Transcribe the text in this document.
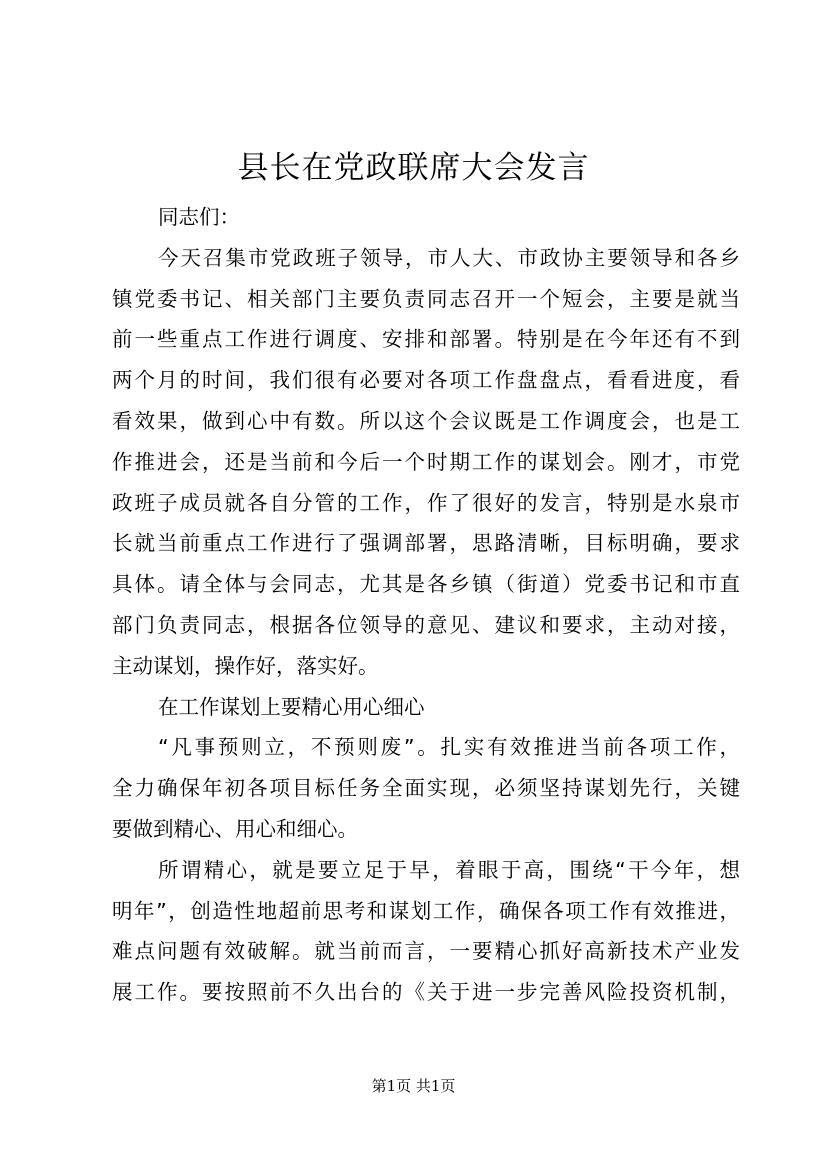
县长在党政联席大会发言
同志们：
今天召集市党政班子领导，市人大、市政协主要领导和各乡
镇党委书记、相关部门主要负责同志召开一个短会，主要是就当
前一些重点工作进行调度、安排和部署。特别是在今年还有不到
两个月的时间，我们很有必要对各项工作盘盘点，看看进度，看
看效果，做到心中有数。所以这个会议既是工作调度会，也是工
作推进会，还是当前和今后一个时期工作的谋划会。刚才，市党
政班子成员就各自分管的工作，作了很好的发言，特别是水泉市
长就当前重点工作进行了强调部署，思路清晰，目标明确，要求
具体。请全体与会同志，尤其是各乡镇（街道）党委书记和市直
部门负责同志，根据各位领导的意见、建议和要求，主动对接，
主动谋划，操作好，落实好。
在工作谋划上要精心用心细心
“凡事预则立，不预则废”。扎实有效推进当前各项工作，
全力确保年初各项目标任务全面实现，必须坚持谋划先行，关键
要做到精心、用心和细心。
所谓精心，就是要立足于早，着眼于高，围绕“干今年，想
明年”，创造性地超前思考和谋划工作，确保各项工作有效推进，
难点问题有效破解。就当前而言，一要精心抓好高新技术产业发
展工作。要按照前不久出台的《关于进一步完善风险投资机制，
第1页 共1页
